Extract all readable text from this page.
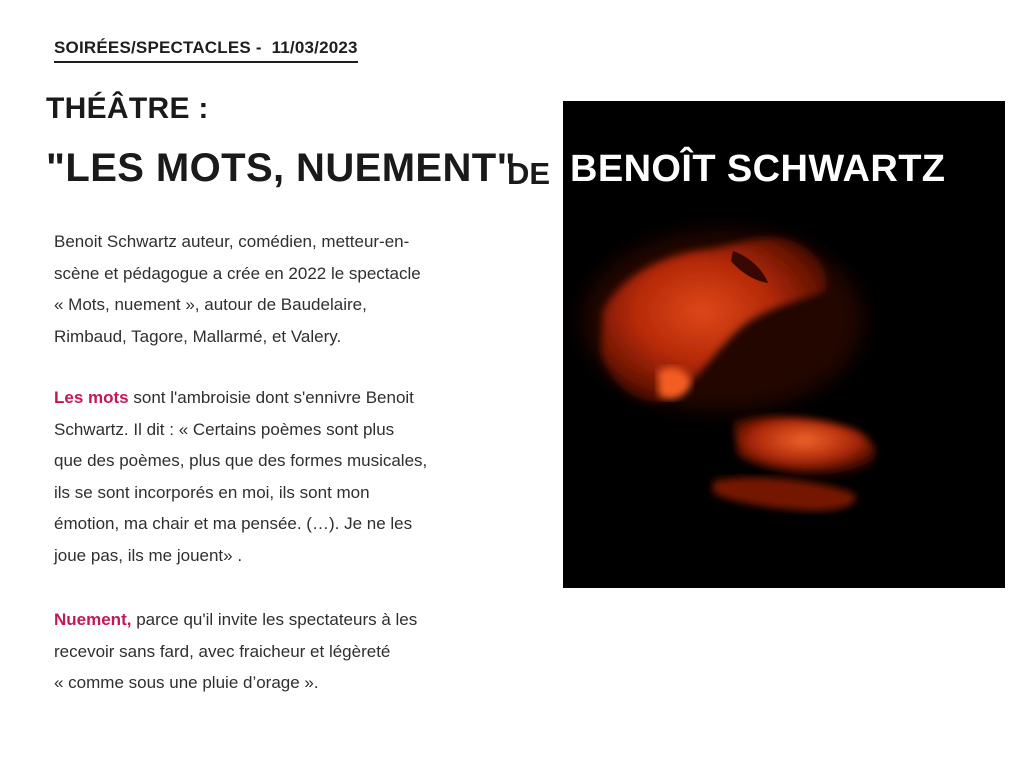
SOIRÉES/SPECTACLES -  11/03/2023
THÉÂTRE :
"LES MOTS, NUEMENT"
DE BENOÎT SCHWARTZ
Benoit Schwartz auteur, comédien, metteur-en-
scène et pédagogue a crée en 2022 le spectacle
« Mots, nuement », autour de Baudelaire,
Rimbaud, Tagore, Mallarmé, et Valery.
Les mots sont l'ambroisie dont s'ennivre Benoit
Schwartz. Il dit : « Certains poèmes sont plus
que des poèmes, plus que des formes musicales,
ils se sont incorporés en moi, ils sont mon
émotion, ma chair et ma pensée. (…). Je ne les
joue pas, ils me jouent» .
Nuement, parce qu'il invite les spectateurs à les
recevoir sans fard, avec fraicheur et légèreté
« comme sous une pluie d’orage ».
